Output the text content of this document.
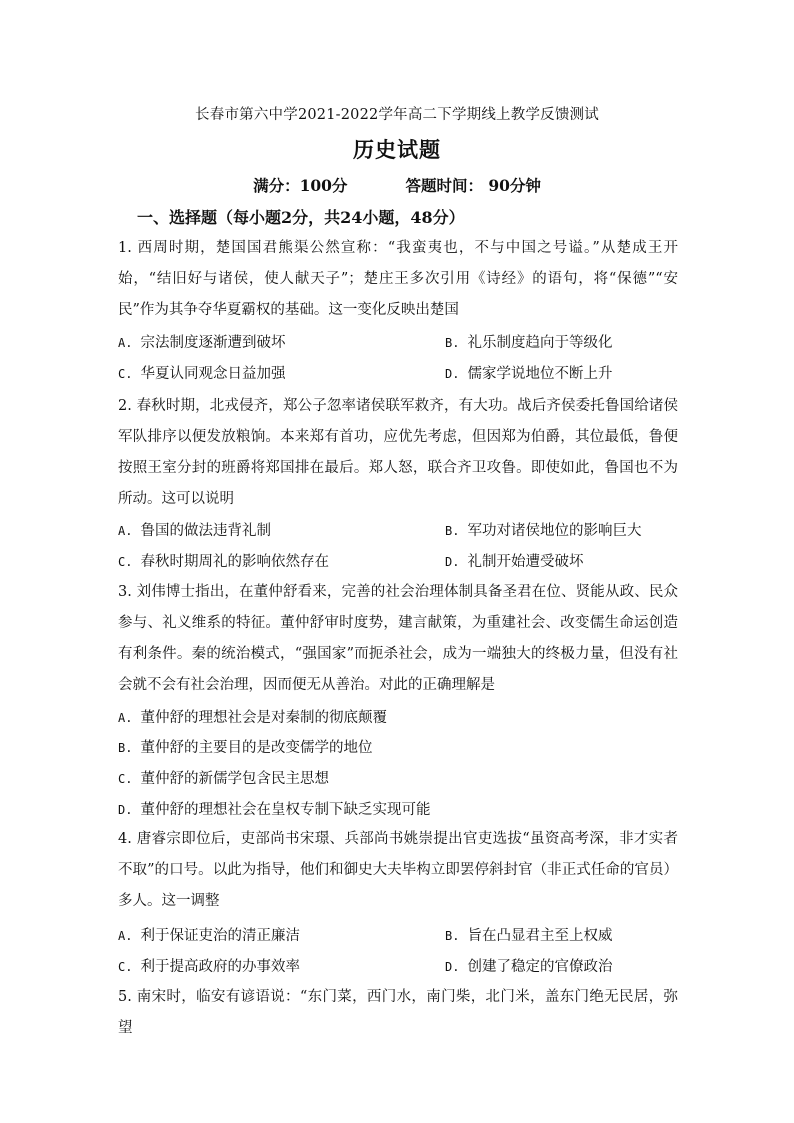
长春市第六中学2021-2022学年高二下学期线上教学反馈测试
历史试题
满分：100分	答题时间： 90分钟
一、选择题（每小题2分，共24小题，48分）
1. 西周时期，楚国国君熊渠公然宣称：“我蛮夷也，不与中国之号谥。”从楚成王开始，“结旧好与诸侯，使人献天子”；楚庄王多次引用《诗经》的语句，将“保德”“安民”作为其争夺华夏霸权的基础。这一变化反映出楚国
A. 宗法制度逐渐遭到破坏	B. 礼乐制度趋向于等级化
C. 华夏认同观念日益加强	D. 儒家学说地位不断上升
2. 春秋时期，北戎侵齐，郑公子忽率诸侯联军救齐，有大功。战后齐侯委托鲁国给诸侯军队排序以便发放粮饷。本来郑有首功，应优先考虑，但因郑为伯爵，其位最低，鲁便按照王室分封的班爵将郑国排在最后。郑人怒，联合齐卫攻鲁。即使如此，鲁国也不为所动。这可以说明
A. 鲁国的做法违背礼制	B. 军功对诸侯地位的影响巨大
C. 春秋时期周礼的影响依然存在	D. 礼制开始遭受破坏
3. 刘伟博士指出，在董仲舒看来，完善的社会治理体制具备圣君在位、贤能从政、民众参与、礼义维系的特征。董仲舒审时度势，建言献策，为重建社会、改变儒生命运创造有利条件。秦的统治模式，“强国家”而扼杀社会，成为一端独大的终极力量，但没有社会就不会有社会治理，因而便无从善治。对此的正确理解是
A. 董仲舒的理想社会是对秦制的彻底颠覆
B. 董仲舒的主要目的是改变儒学的地位
C. 董仲舒的新儒学包含民主思想
D. 董仲舒的理想社会在皇权专制下缺乏实现可能
4. 唐睿宗即位后，吏部尚书宋璟、兵部尚书姚崇提出官吏选拔“虽资高考深，非才实者不取”的口号。以此为指导，他们和御史大夫毕构立即罢停斜封官（非正式任命的官员）多人。这一调整
A. 利于保证吏治的清正廉洁	B. 旨在凸显君主至上权威
C. 利于提高政府的办事效率	D. 创建了稳定的官僚政治
5. 南宋时，临安有谚语说：“东门菜，西门水，南门柴，北门米，盖东门绝无民居，弥望
